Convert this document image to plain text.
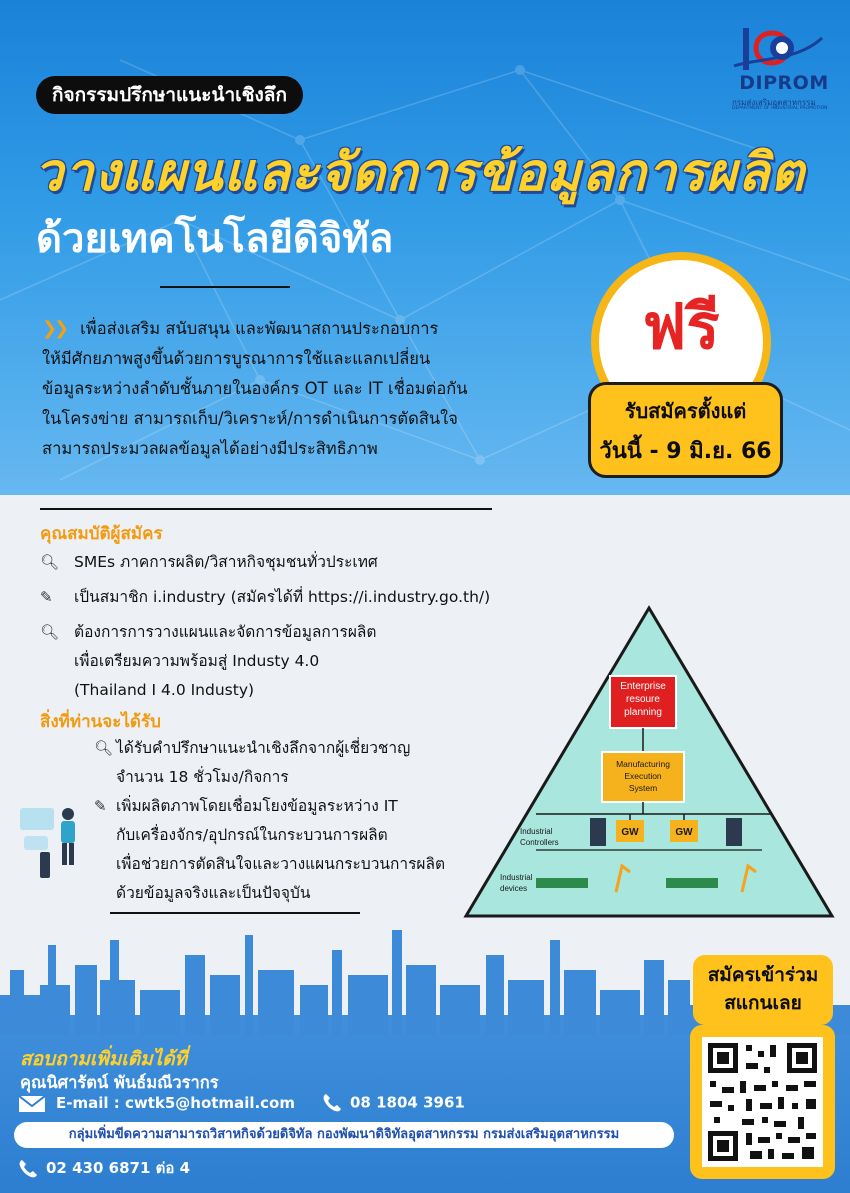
กิจกรรมปรึกษาแนะนำเชิงลึก
DIPROM
กรมส่งเสริมอุตสาหกรรม
DEPARTMENT OF INDUSTRIAL PROMOTION
วางแผนและจัดการข้อมูลการผลิต
ด้วยเทคโนโลยีดิจิทัล
❯❯ เพื่อส่งเสริม สนับสนุน และพัฒนาสถานประกอบการ
ให้มีศักยภาพสูงขึ้นด้วยการบูรณาการใช้และแลกเปลี่ยน
ข้อมูลระหว่างลำดับชั้นภายในองค์กร OT และ IT เชื่อมต่อกัน
ในโครงข่าย สามารถเก็บ/วิเคราะห์/การดำเนินการตัดสินใจ
สามารถประมวลผลข้อมูลได้อย่างมีประสิทธิภาพ
ฟรี
รับสมัครตั้งแต่
วันนี้ - 9 มิ.ย. 66
คุณสมบัติผู้สมัคร
🔍︎ SMEs ภาคการผลิต/วิสาหกิจชุมชนทั่วประเทศ
✎ เป็นสมาชิก i.industry (สมัครได้ที่ https://i.industry.go.th/)
🔍︎ ต้องการการวางแผนและจัดการข้อมูลการผลิต
เพื่อเตรียมความพร้อมสู่ Industy 4.0
(Thailand I 4.0 Industy)
สิ่งที่ท่านจะได้รับ
🔍︎ ได้รับคำปรึกษาแนะนำเชิงลึกจากผู้เชี่ยวชาญ
จำนวน 18 ชั่วโมง/กิจการ
✎ เพิ่มผลิตภาพโดยเชื่อมโยงข้อมูลระหว่าง IT
กับเครื่องจักร/อุปกรณ์ในกระบวนการผลิต
เพื่อช่วยการตัดสินใจและวางแผนกระบวนการผลิต
ด้วยข้อมูลจริงและเป็นปัจจุบัน
Enterprise
resoure
planning
Manufacturing
Execution
System
GW	GW
Industrial
Controllers
Industrial
devices
สมัครเข้าร่วม
สแกนเลย
สอบถามเพิ่มเติมได้ที่
คุณนิศารัตน์ พันธ์มณีวรากร
E-mail : cwtk5@hotmail.com	08 1804 3961
กลุ่มเพิ่มขีดความสามารถวิสาหกิจด้วยดิจิทัล กองพัฒนาดิจิทัลอุตสาหกรรม กรมส่งเสริมอุตสาหกรรม
02 430 6871 ต่อ 4
